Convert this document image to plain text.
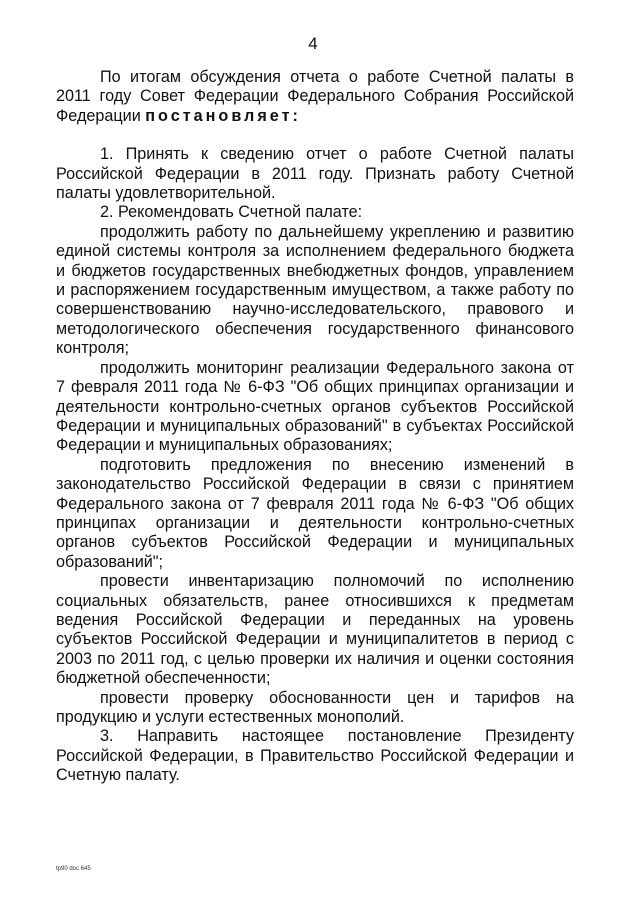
4

По итогам обсуждения отчета о работе Счетной палаты в 2011 году Совет Федерации Федерального Собрания Российской Федерации постановляет:

1. Принять к сведению отчет о работе Счетной палаты Российской Федерации в 2011 году. Признать работу Счетной палаты удовлетворительной.

2. Рекомендовать Счетной палате:

продолжить работу по дальнейшему укреплению и развитию единой системы контроля за исполнением федерального бюджета и бюджетов государственных внебюджетных фондов, управлением и распоряжением государственным имуществом, а также работу по совершенствованию научно-исследовательского, правового и методологического обеспечения государственного финансового контроля;

продолжить мониторинг реализации Федерального закона от 7 февраля 2011 года № 6-ФЗ "Об общих принципах организации и деятельности контрольно-счетных органов субъектов Российской Федерации и муниципальных образований" в субъектах Российской Федерации и муниципальных образованиях;

подготовить предложения по внесению изменений в законодательство Российской Федерации в связи с принятием Федерального закона от 7 февраля 2011 года № 6-ФЗ "Об общих принципах организации и деятельности контрольно-счетных органов субъектов Российской Федерации и муниципальных образований";

провести инвентаризацию полномочий по исполнению социальных обязательств, ранее относившихся к предметам ведения Российской Федерации и переданных на уровень субъектов Российской Федерации и муниципалитетов в период с 2003 по 2011 год, с целью проверки их наличия и оценки состояния бюджетной обеспеченности;

провести проверку обоснованности цен и тарифов на продукцию и услуги естественных монополий.

3. Направить настоящее постановление Президенту Российской Федерации, в Правительство Российской Федерации и Счетную палату.

tp90 doc 645
